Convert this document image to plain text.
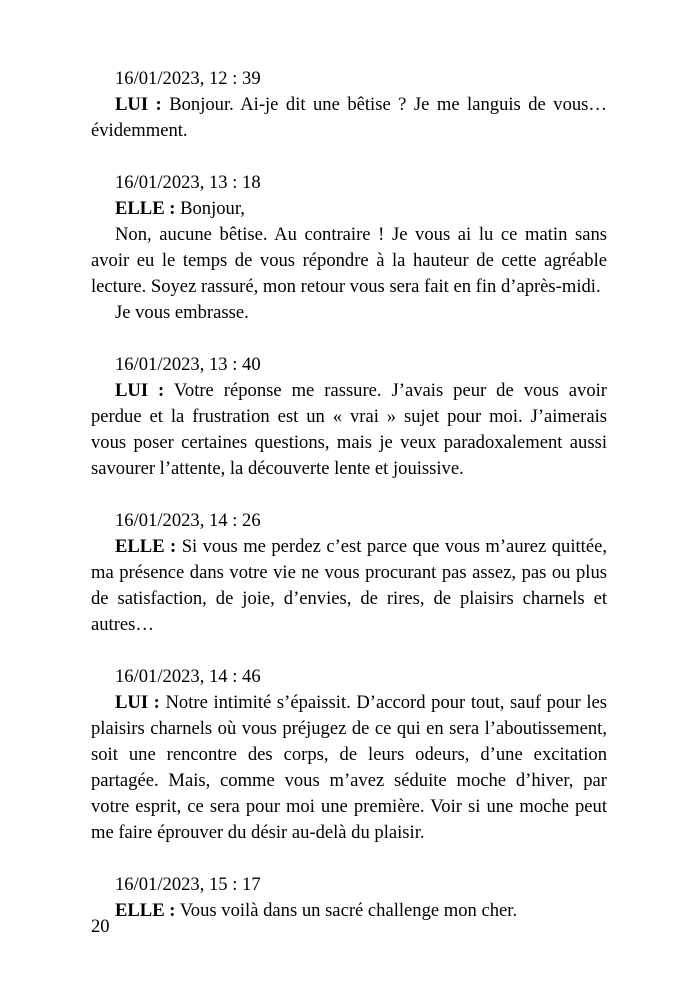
16/01/2023, 12 : 39

LUI : Bonjour. Ai-je dit une bêtise ? Je me languis de vous… évidemment.

16/01/2023, 13 : 18

ELLE : Bonjour,

Non, aucune bêtise. Au contraire ! Je vous ai lu ce matin sans avoir eu le temps de vous répondre à la hauteur de cette agréable lecture. Soyez rassuré, mon retour vous sera fait en fin d’après-midi.

Je vous embrasse.

16/01/2023, 13 : 40

LUI : Votre réponse me rassure. J’avais peur de vous avoir perdue et la frustration est un « vrai » sujet pour moi. J’aimerais vous poser certaines questions, mais je veux paradoxalement aussi savourer l’attente, la découverte lente et jouissive.

16/01/2023, 14 : 26

ELLE : Si vous me perdez c’est parce que vous m’aurez quittée, ma présence dans votre vie ne vous procurant pas assez, pas ou plus de satisfaction, de joie, d’envies, de rires, de plaisirs charnels et autres…

16/01/2023, 14 : 46

LUI : Notre intimité s’épaissit. D’accord pour tout, sauf pour les plaisirs charnels où vous préjugez de ce qui en sera l’aboutissement, soit une rencontre des corps, de leurs odeurs, d’une excitation partagée. Mais, comme vous m’avez séduite moche d’hiver, par votre esprit, ce sera pour moi une première. Voir si une moche peut me faire éprouver du désir au-delà du plaisir.

16/01/2023, 15 : 17

ELLE : Vous voilà dans un sacré challenge mon cher.

20
